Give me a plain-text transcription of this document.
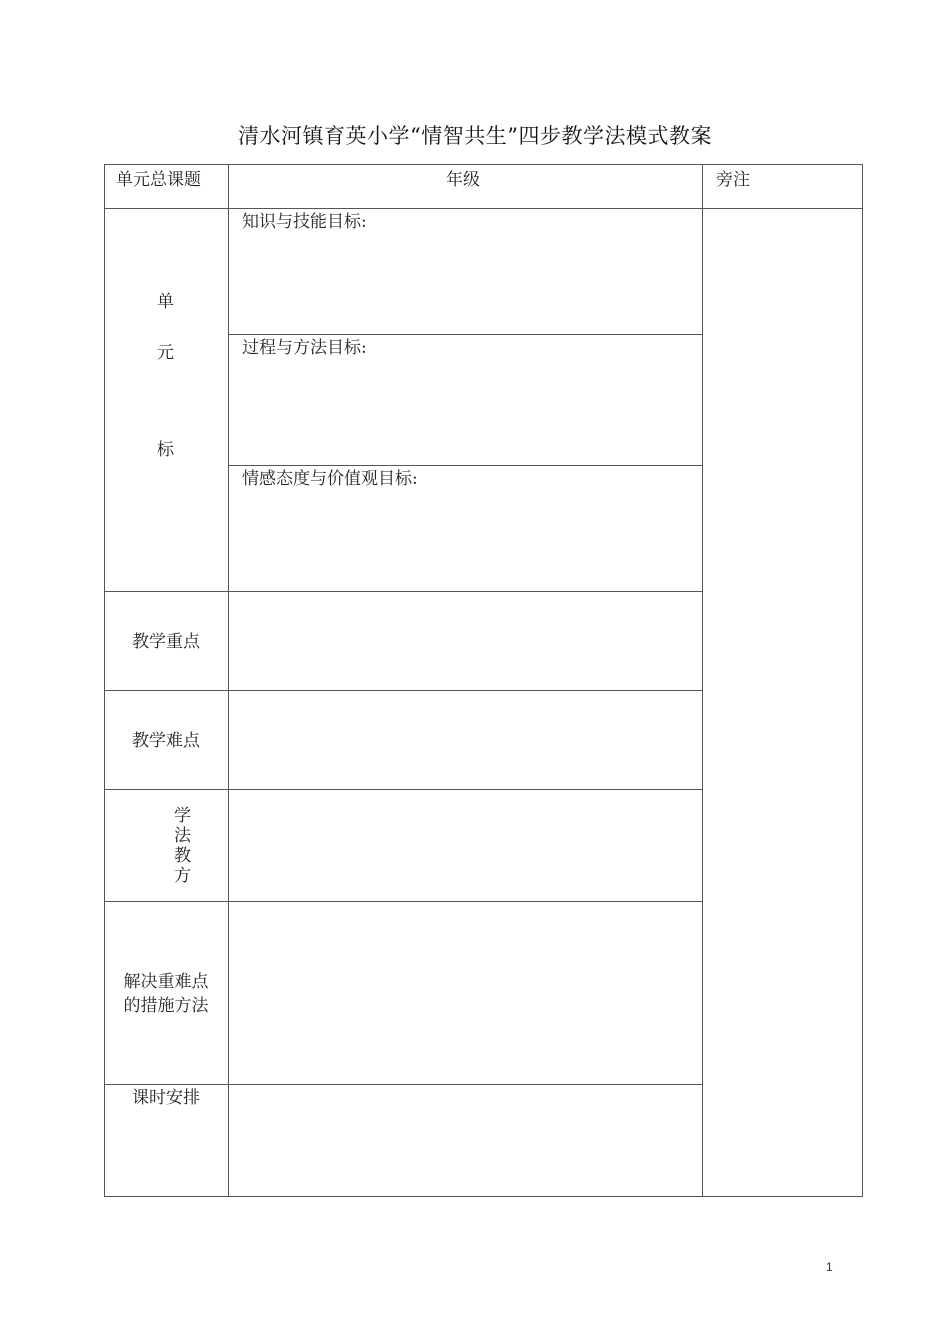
清水河镇育英小学“情智共生”四步教学法模式教案
单元总课题	年级	旁注
单
元
标
知识与技能目标:
过程与方法目标:
情感态度与价值观目标:
教学重点
教学难点
学
法
教
方
解决重难点
的措施方法
课时安排
1
